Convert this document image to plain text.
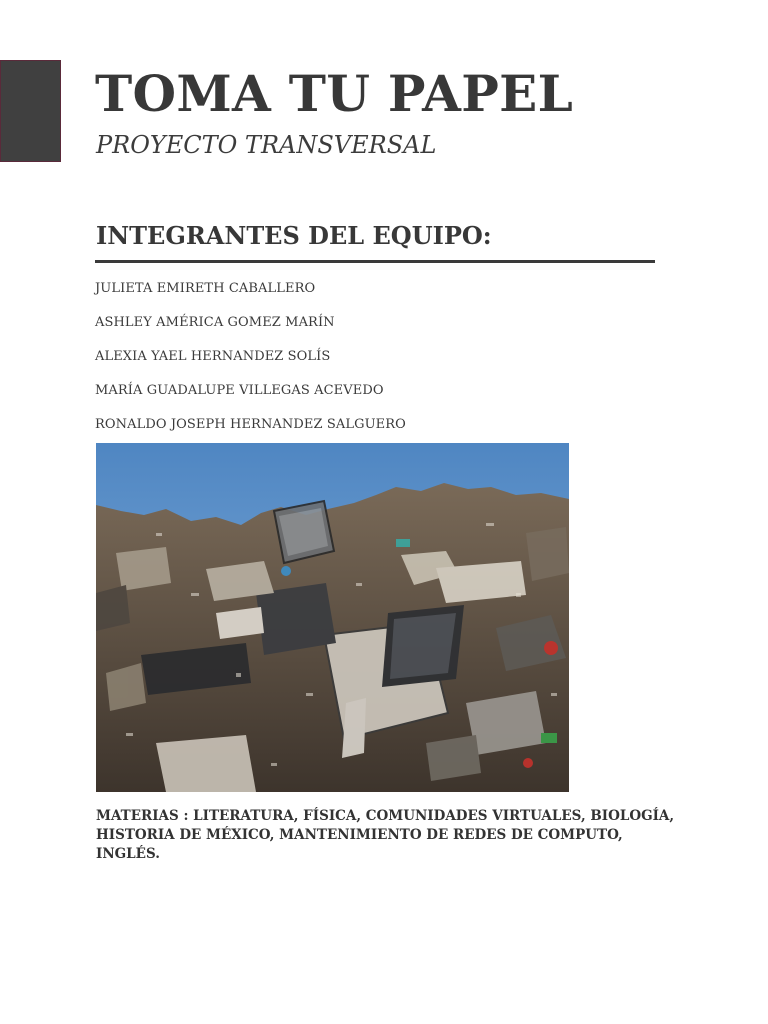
TOMA TU PAPEL
PROYECTO TRANSVERSAL
INTEGRANTES DEL EQUIPO:
JULIETA EMIRETH CABALLERO
ASHLEY AMÉRICA GOMEZ MARÍN
ALEXIA YAEL HERNANDEZ SOLÍS
MARÍA GUADALUPE VILLEGAS ACEVEDO
RONALDO JOSEPH HERNANDEZ SALGUERO

MATERIAS : LITERATURA, FÍSICA, COMUNIDADES VIRTUALES, BIOLOGÍA, HISTORIA DE MÉXICO, MANTENIMIENTO DE REDES DE COMPUTO, INGLÉS.
